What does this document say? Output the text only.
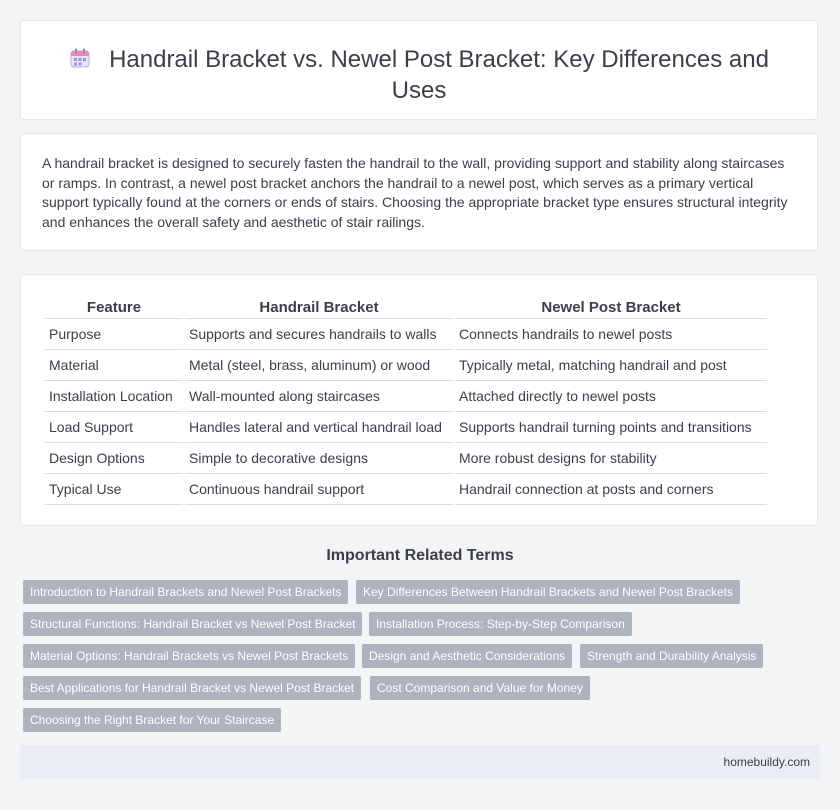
Handrail Bracket vs. Newel Post Bracket: Key Differences and Uses

A handrail bracket is designed to securely fasten the handrail to the wall, providing support and stability along staircases or ramps. In contrast, a newel post bracket anchors the handrail to a newel post, which serves as a primary vertical support typically found at the corners or ends of stairs. Choosing the appropriate bracket type ensures structural integrity and enhances the overall safety and aesthetic of stair railings.

Feature	Handrail Bracket	Newel Post Bracket
Purpose	Supports and secures handrails to walls	Connects handrails to newel posts
Material	Metal (steel, brass, aluminum) or wood	Typically metal, matching handrail and post
Installation Location	Wall-mounted along staircases	Attached directly to newel posts
Load Support	Handles lateral and vertical handrail load	Supports handrail turning points and transitions
Design Options	Simple to decorative designs	More robust designs for stability
Typical Use	Continuous handrail support	Handrail connection at posts and corners
Important Related Terms
Introduction to Handrail Brackets and Newel Post Brackets	Key Differences Between Handrail Brackets and Newel Post Brackets
Structural Functions: Handrail Bracket vs Newel Post Bracket	Installation Process: Step-by-Step Comparison
Material Options: Handrail Brackets vs Newel Post Brackets	Design and Aesthetic Considerations	Strength and Durability Analysis
Best Applications for Handrail Bracket vs Newel Post Bracket	Cost Comparison and Value for Money
Choosing the Right Bracket for Your Staircase
homebuildy.com
